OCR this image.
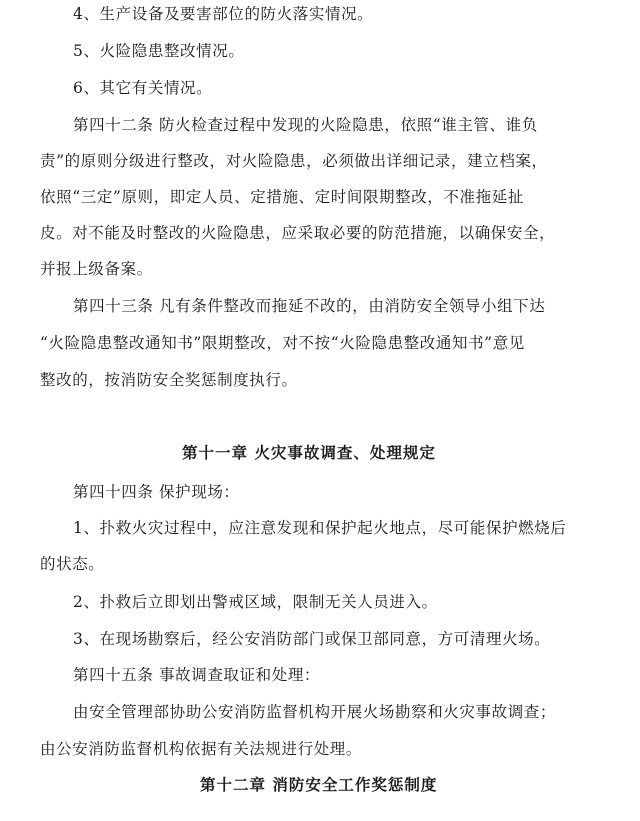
4、生产设备及要害部位的防火落实情况。
5、火险隐患整改情况。
6、其它有关情况。
第四十二条 防火检查过程中发现的火险隐患，依照“谁主管、谁负
责”的原则分级进行整改，对火险隐患，必须做出详细记录，建立档案，
依照“三定”原则，即定人员、定措施、定时间限期整改，不准拖延扯
皮。对不能及时整改的火险隐患，应采取必要的防范措施，以确保安全，
并报上级备案。
第四十三条 凡有条件整改而拖延不改的，由消防安全领导小组下达
“火险隐患整改通知书”限期整改，对不按“火险隐患整改通知书”意见
整改的，按消防安全奖惩制度执行。
第十一章 火灾事故调查、处理规定
第四十四条 保护现场：
1、扑救火灾过程中，应注意发现和保护起火地点，尽可能保护燃烧后
的状态。
2、扑救后立即划出警戒区域，限制无关人员进入。
3、在现场勘察后，经公安消防部门或保卫部同意，方可清理火场。
第四十五条 事故调查取证和处理：
由安全管理部协助公安消防监督机构开展火场勘察和火灾事故调查；
由公安消防监督机构依据有关法规进行处理。
第十二章 消防安全工作奖惩制度
